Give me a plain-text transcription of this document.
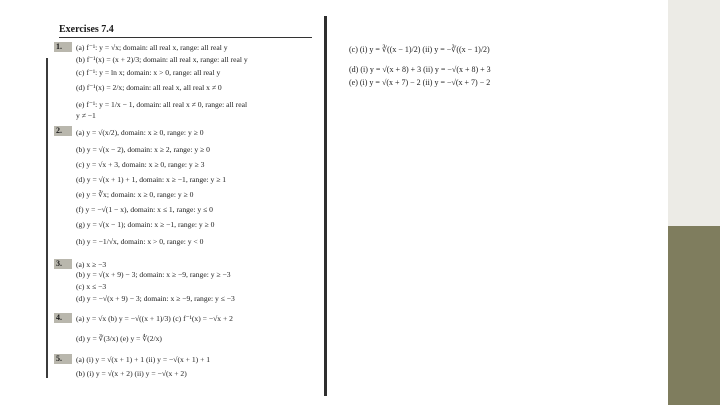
Exercises 7.4
1.	(a) f⁻¹: y = √x; domain: all real x, range: all real y
(b) f⁻¹(x) = (x + 2)/3; domain: all real x, range: all real y
(c) f⁻¹: y = ln x; domain: x > 0, range: all real y
(d) f⁻¹(x) = 2/x; domain: all real x, all real x ≠ 0
(e) f⁻¹: y = 1/x − 1, domain: all real x ≠ 0, range: all real
y ≠ −1
2.	(a) y = √(x/2), domain: x ≥ 0, range: y ≥ 0
(b) y = √(x − 2), domain: x ≥ 2, range: y ≥ 0
(c) y = √x + 3, domain: x ≥ 0, range: y ≥ 3
(d) y = √(x + 1) + 1, domain: x ≥ −1, range: y ≥ 1
(e) y = ∛x; domain: x ≥ 0, range: y ≥ 0
(f) y = −√(1 − x), domain: x ≤ 1, range: y ≤ 0
(g) y = √(x − 1); domain: x ≥ −1, range: y ≥ 0
(h) y = −1/√x, domain: x > 0, range: y < 0
3.	(a) x ≥ −3
(b) y = √(x + 9) − 3; domain: x ≥ −9, range: y ≥ −3
(c) x ≤ −3
(d) y = −√(x + 9) − 3; domain: x ≥ −9, range: y ≤ −3
4.	(a) y = √x (b) y = −√((x + 1)/3) (c) f⁻¹(x) = −√x + 2
(d) y = ∛(3/x) (e) y = ∜(2/x)
5.	(a) (i) y = √(x + 1) + 1 (ii) y = −√(x + 1) + 1
(b) (i) y = √(x + 2) (ii) y = −√(x + 2)
(c) (i) y = ∛((x − 1)/2) (ii) y = −∛((x − 1)/2)
(d) (i) y = √(x + 8) + 3 (ii) y = −√(x + 8) + 3
(e) (i) y = √(x + 7) − 2 (ii) y = −√(x + 7) − 2
